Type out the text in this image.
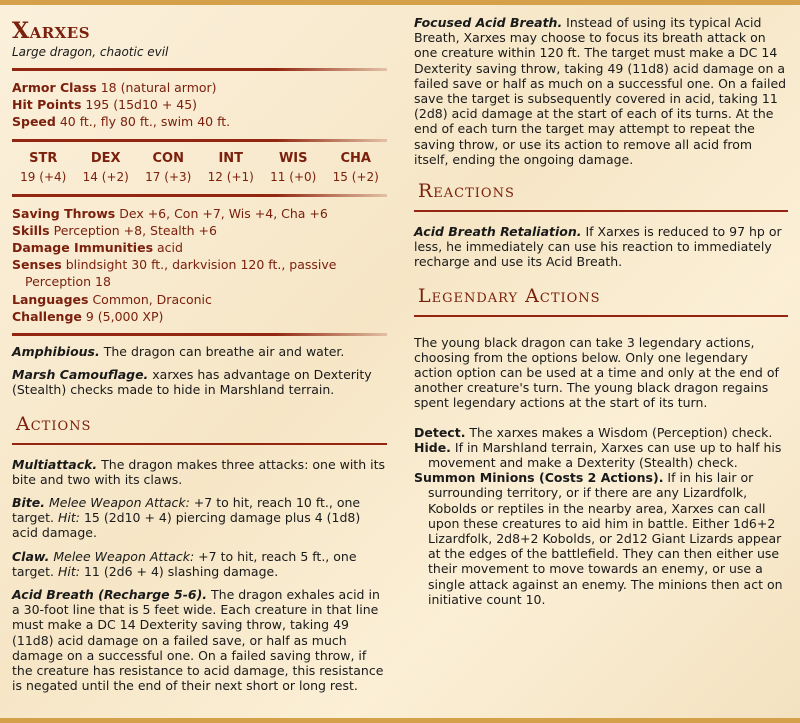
Xarxes
Large dragon, chaotic evil

Armor Class 18 (natural armor)

Hit Points 195 (15d10 + 45)

Speed 40 ft., fly 80 ft., swim 40 ft.

STR
19 (+4)
DEX
14 (+2)
CON
17 (+3)
INT
12 (+1)
WIS
11 (+0)
CHA
15 (+2)

Saving Throws Dex +6, Con +7, Wis +4, Cha +6

Skills Perception +8, Stealth +6

Damage Immunities acid

Senses blindsight 30 ft., darkvision 120 ft., passive Perception 18

Languages Common, Draconic

Challenge 9 (5,000 XP)

Amphibious. The dragon can breathe air and water.

Marsh Camouflage. xarxes has advantage on Dexterity (Stealth) checks made to hide in Marshland terrain.

Actions

Multiattack. The dragon makes three attacks: one with its bite and two with its claws.

Bite. Melee Weapon Attack: +7 to hit, reach 10 ft., one target. Hit: 15 (2d10 + 4) piercing damage plus 4 (1d8) acid damage.

Claw. Melee Weapon Attack: +7 to hit, reach 5 ft., one target. Hit: 11 (2d6 + 4) slashing damage.

Acid Breath (Recharge 5-6). The dragon exhales acid in a 30-foot line that is 5 feet wide. Each creature in that line must make a DC 14 Dexterity saving throw, taking 49 (11d8) acid damage on a failed save, or half as much damage on a successful one. On a failed saving throw, if the creature has resistance to acid damage, this resistance is negated until the end of their next short or long rest.

Focused Acid Breath. Instead of using its typical Acid Breath, Xarxes may choose to focus its breath attack on one creature within 120 ft. The target must make a DC 14 Dexterity saving throw, taking 49 (11d8) acid damage on a failed save or half as much on a successful one. On a failed save the target is subsequently covered in acid, taking 11 (2d8) acid damage at the start of each of its turns. At the end of each turn the target may attempt to repeat the saving throw, or use its action to remove all acid from itself, ending the ongoing damage.

Reactions

Acid Breath Retaliation. If Xarxes is reduced to 97 hp or less, he immediately can use his reaction to immediately recharge and use its Acid Breath.

Legendary Actions

The young black dragon can take 3 legendary actions, choosing from the options below. Only one legendary action option can be used at a time and only at the end of another creature's turn. The young black dragon regains spent legendary actions at the start of its turn.

Detect. The xarxes makes a Wisdom (Perception) check.

Hide. If in Marshland terrain, Xarxes can use up to half his movement and make a Dexterity (Stealth) check.

Summon Minions (Costs 2 Actions). If in his lair or surrounding territory, or if there are any Lizardfolk, Kobolds or reptiles in the nearby area, Xarxes can call upon these creatures to aid him in battle. Either 1d6+2 Lizardfolk, 2d8+2 Kobolds, or 2d12 Giant Lizards appear at the edges of the battlefield. They can then either use their movement to move towards an enemy, or use a single attack against an enemy. The minions then act on initiative count 10.
